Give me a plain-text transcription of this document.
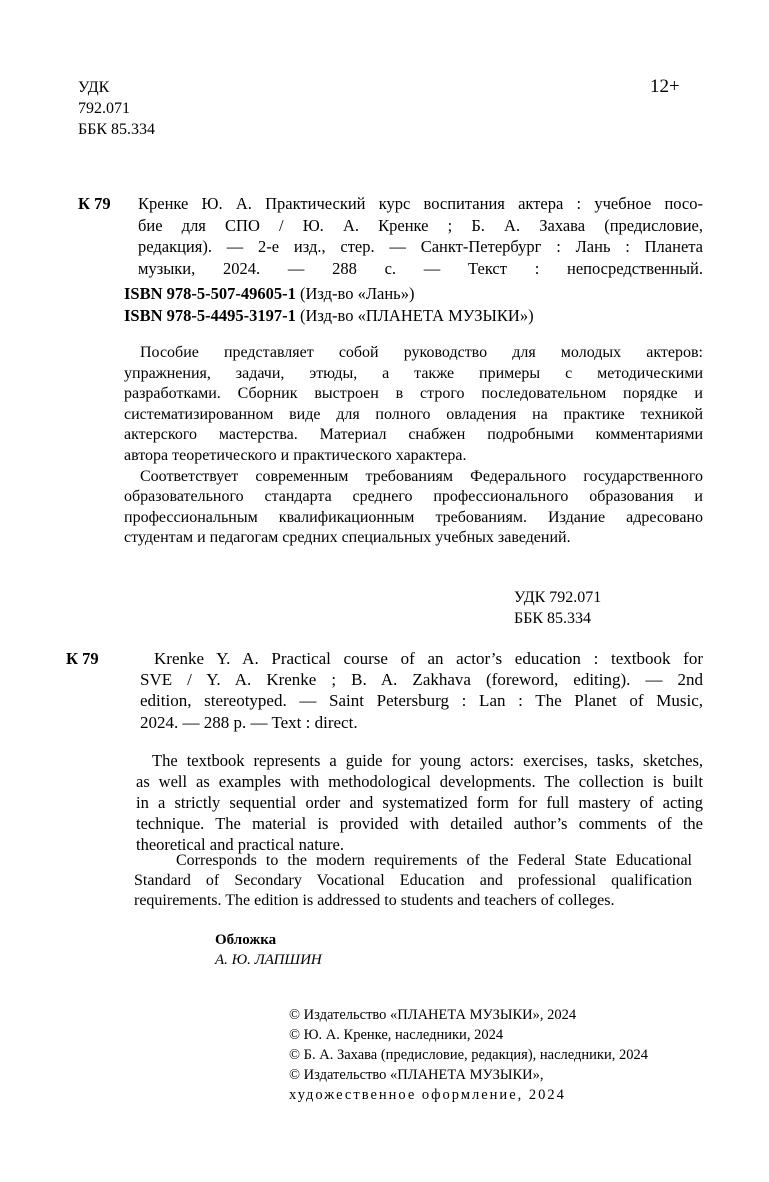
УДК
792.071
ББК 85.334
12+
К 79 Кренке Ю. А. Практический курс воспитания актера : учебное посо-
бие для СПО / Ю. А. Кренке ; Б. А. Захава (предисловие,
редакция). — 2-е изд., стер. — Санкт-Петербург : Лань : Планета
музыки, 2024. — 288 с. — Текст : непосредственный.
ISBN 978-5-507-49605-1 (Изд-во «Лань»)
ISBN 978-5-4495-3197-1 (Изд-во «ПЛАНЕТА МУЗЫКИ»)
Пособие представляет собой руководство для молодых актеров:
упражнения, задачи, этюды, а также примеры с методическими
разработками. Сборник выстроен в строго последовательном порядке и
систематизированном виде для полного овладения на практике техникой
актерского мастерства. Материал снабжен подробными комментариями
автора теоретического и практического характера.
Соответствует современным требованиям Федерального государственного
образовательного стандарта среднего профессионального образования и
профессиональным квалификационным требованиям. Издание адресовано
студентам и педагогам средних специальных учебных заведений.
УДК 792.071
ББК 85.334
К 79	Krenke Y. A. Practical course of an actor’s education : textbook for
SVE / Y. A. Krenke ; B. A. Zakhava (foreword, editing). — 2nd
edition, stereotyped. — Saint Petersburg : Lan : The Planet of Music,
2024. — 288 p. — Text : direct.
The textbook represents a guide for young actors: exercises, tasks, sketches,
as well as examples with methodological developments. The collection is built
in a strictly sequential order and systematized form for full mastery of acting
technique. The material is provided with detailed author’s comments of the
theoretical and practical nature.
Corresponds to the modern requirements of the Federal State Educational
Standard of Secondary Vocational Education and professional qualification
requirements. The edition is addressed to students and teachers of colleges.
Обложка
А. Ю. ЛАПШИН
© Издательство «ПЛАНЕТА МУЗЫКИ», 2024
© Ю. А. Кренке, наследники, 2024
© Б. А. Захава (предисловие, редакция), наследники, 2024
© Издательство «ПЛАНЕТА МУЗЫКИ»,
художественное оформление, 2024
